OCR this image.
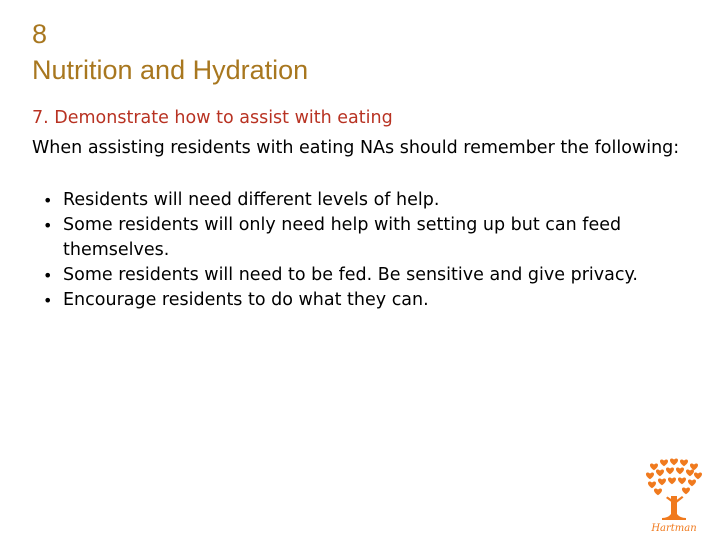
8
Nutrition and Hydration
7. Demonstrate how to assist with eating
When assisting residents with eating NAs should remember the following:
• Residents will need different levels of help.
• Some residents will only need help with setting up but can feed themselves.
• Some residents will need to be fed. Be sensitive and give privacy.
• Encourage residents to do what they can.
Hartman
